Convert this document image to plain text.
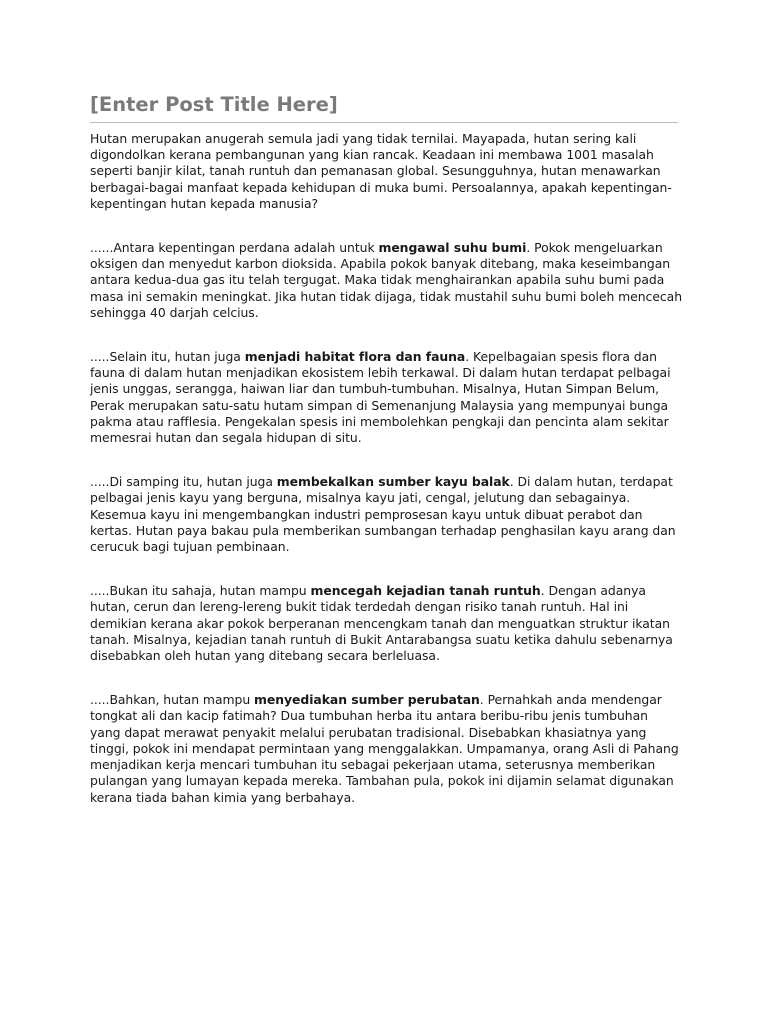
[Enter Post Title Here]

Hutan merupakan anugerah semula jadi yang tidak ternilai. Mayapada, hutan sering kali digondolkan kerana pembangunan yang kian rancak. Keadaan ini membawa 1001 masalah seperti banjir kilat, tanah runtuh dan pemanasan global. Sesungguhnya, hutan menawarkan berbagai-bagai manfaat kepada kehidupan di muka bumi. Persoalannya, apakah kepentingan-kepentingan hutan kepada manusia?

......Antara kepentingan perdana adalah untuk mengawal suhu bumi. Pokok mengeluarkan oksigen dan menyedut karbon dioksida. Apabila pokok banyak ditebang, maka keseimbangan antara kedua-dua gas itu telah tergugat. Maka tidak menghairankan apabila suhu bumi pada masa ini semakin meningkat. Jika hutan tidak dijaga, tidak mustahil suhu bumi boleh mencecah sehingga 40 darjah celcius.

.....Selain itu, hutan juga menjadi habitat flora dan fauna. Kepelbagaian spesis flora dan fauna di dalam hutan menjadikan ekosistem lebih terkawal. Di dalam hutan terdapat pelbagai jenis unggas, serangga, haiwan liar dan tumbuh-tumbuhan. Misalnya, Hutan Simpan Belum, Perak merupakan satu-satu hutam simpan di Semenanjung Malaysia yang mempunyai bunga pakma atau rafflesia. Pengekalan spesis ini membolehkan pengkaji dan pencinta alam sekitar memesrai hutan dan segala hidupan di situ.

.....Di samping itu, hutan juga membekalkan sumber kayu balak. Di dalam hutan, terdapat pelbagai jenis kayu yang berguna, misalnya kayu jati, cengal, jelutung dan sebagainya. Kesemua kayu ini mengembangkan industri pemprosesan kayu untuk dibuat perabot dan kertas. Hutan paya bakau pula memberikan sumbangan terhadap penghasilan kayu arang dan cerucuk bagi tujuan pembinaan.

.....Bukan itu sahaja, hutan mampu mencegah kejadian tanah runtuh. Dengan adanya hutan, cerun dan lereng-lereng bukit tidak terdedah dengan risiko tanah runtuh. Hal ini demikian kerana akar pokok berperanan mencengkam tanah dan menguatkan struktur ikatan tanah. Misalnya, kejadian tanah runtuh di Bukit Antarabangsa suatu ketika dahulu sebenarnya disebabkan oleh hutan yang ditebang secara berleluasa.

.....Bahkan, hutan mampu menyediakan sumber perubatan. Pernahkah anda mendengar tongkat ali dan kacip fatimah? Dua tumbuhan herba itu antara beribu-ribu jenis tumbuhan yang dapat merawat penyakit melalui perubatan tradisional. Disebabkan khasiatnya yang tinggi, pokok ini mendapat permintaan yang menggalakkan. Umpamanya, orang Asli di Pahang menjadikan kerja mencari tumbuhan itu sebagai pekerjaan utama, seterusnya memberikan pulangan yang lumayan kepada mereka. Tambahan pula, pokok ini dijamin selamat digunakan kerana tiada bahan kimia yang berbahaya.
